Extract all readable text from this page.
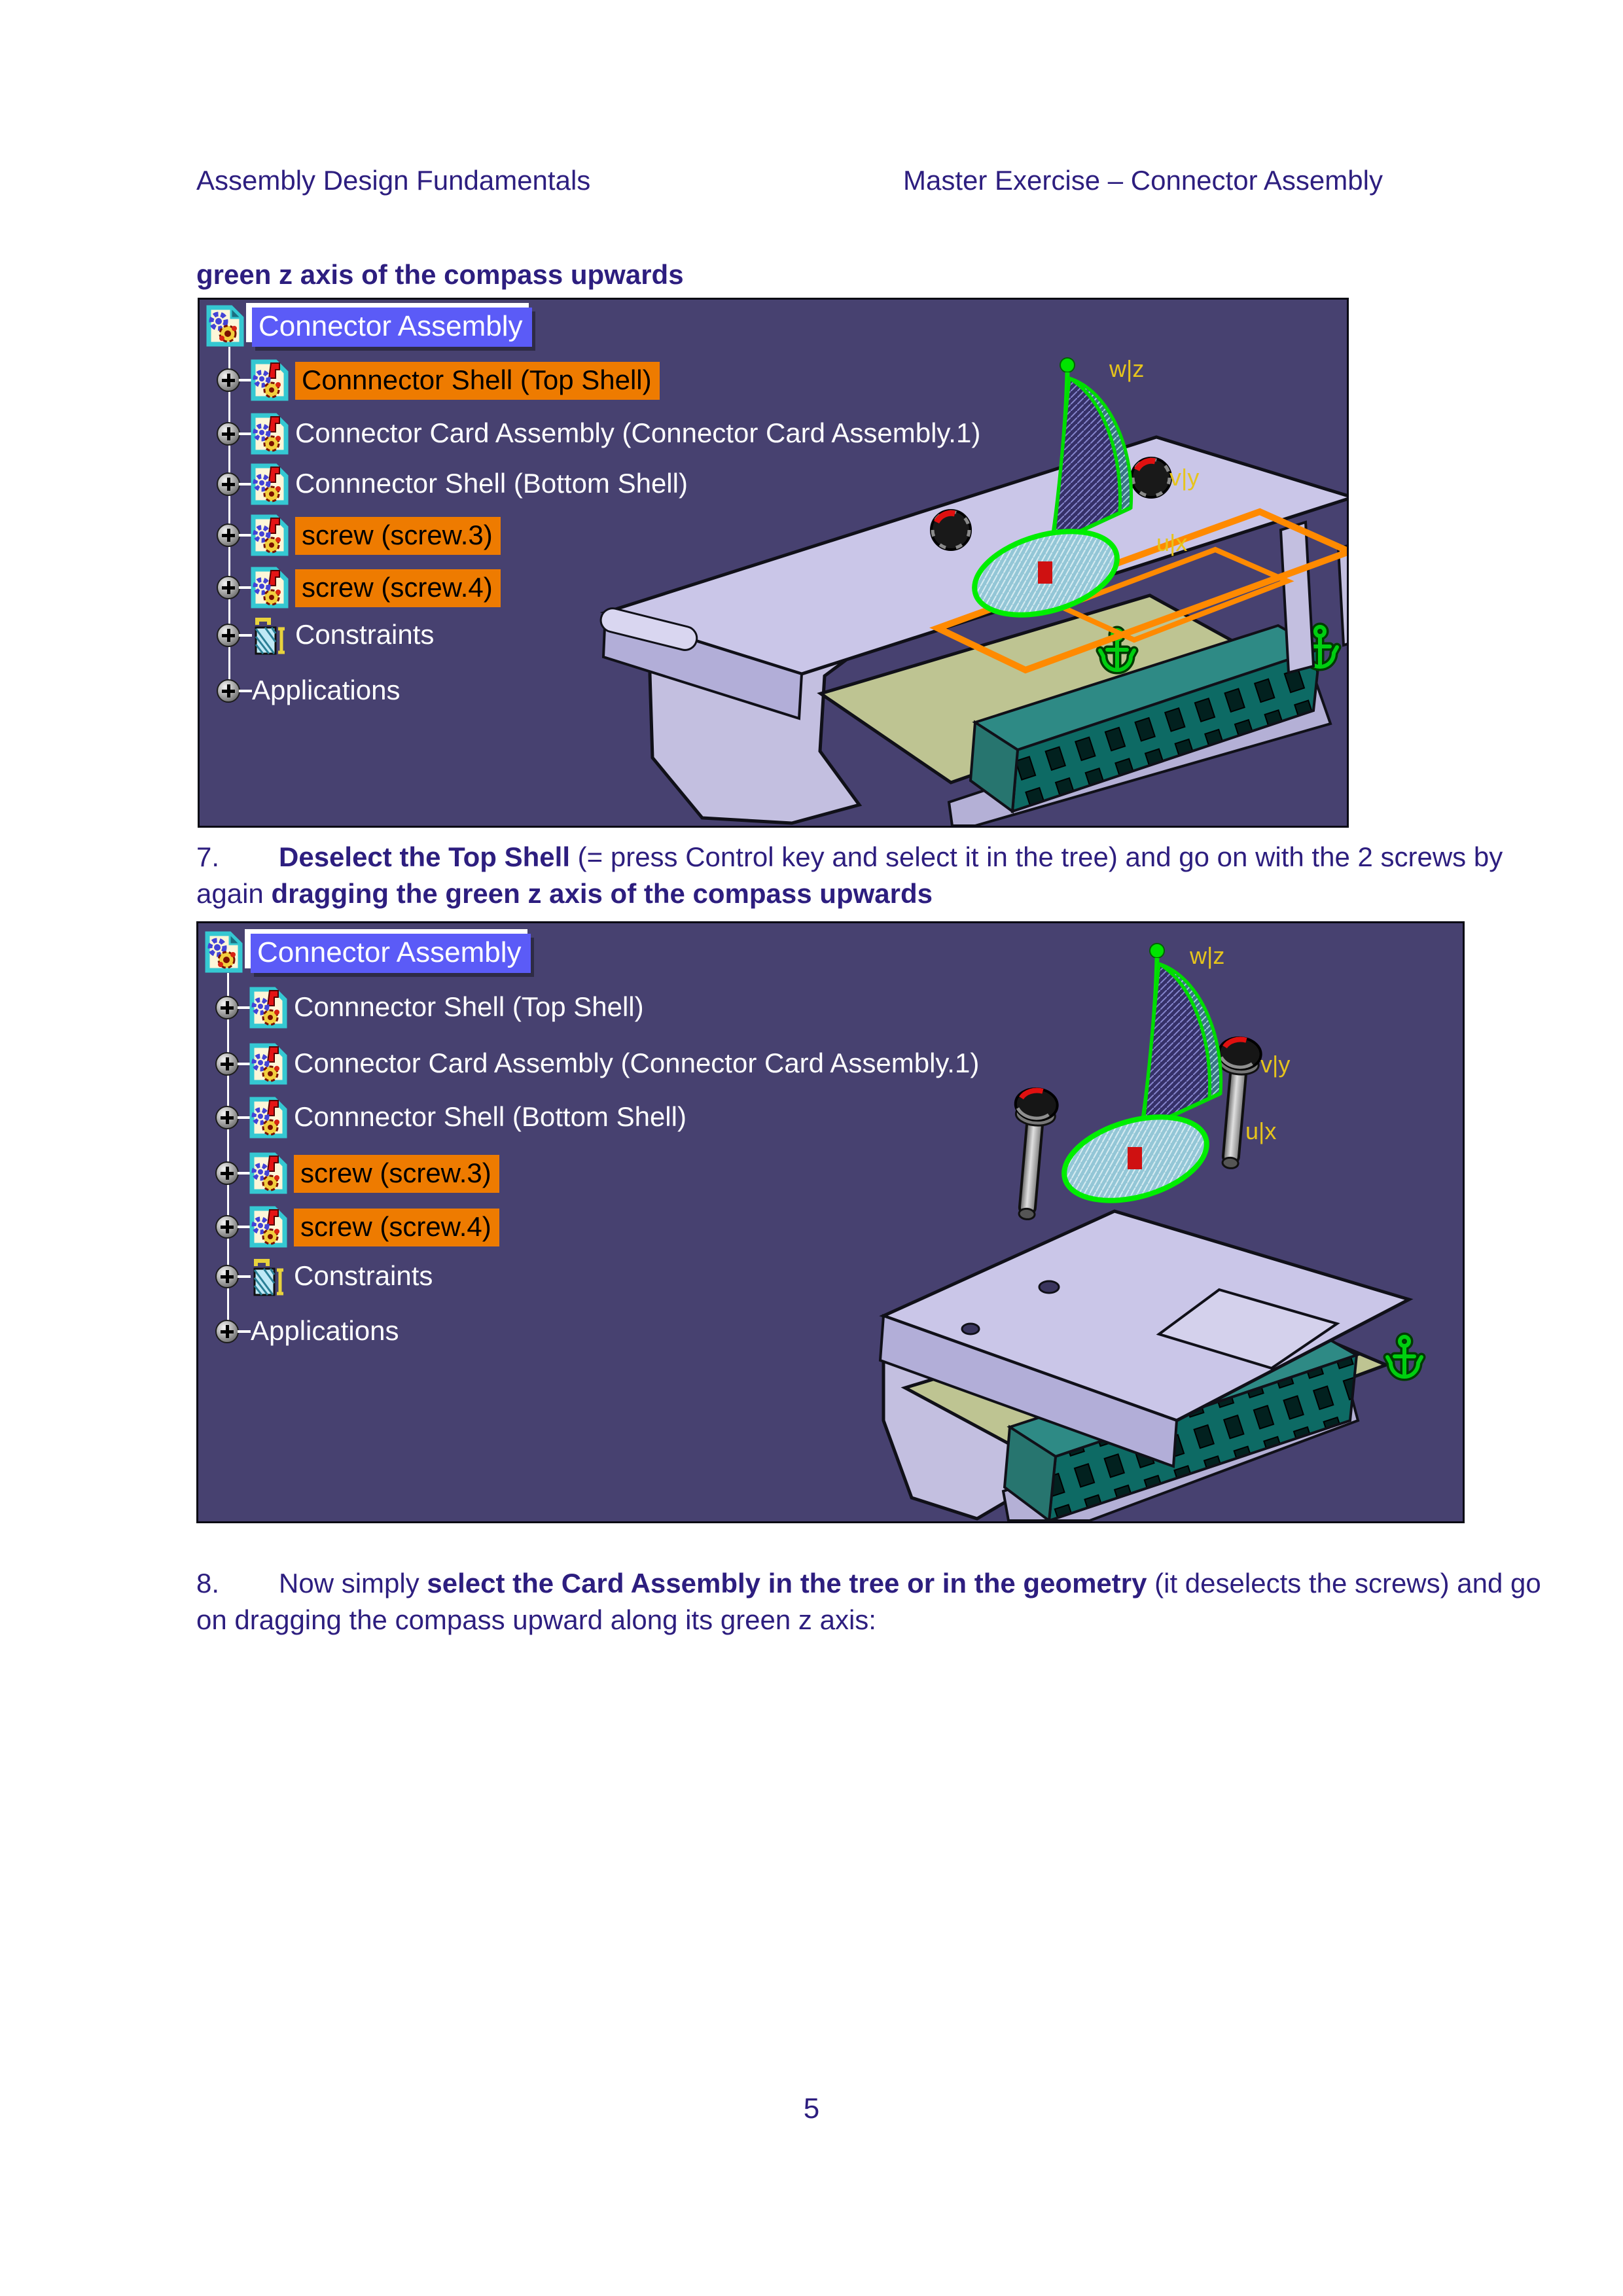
Assembly Design Fundamentals	Master Exercise – Connector Assembly
green z axis of the compass upwards
w|z
v|y
u|x
Connector Assembly
Connnector Shell (Top Shell)
Connector Card Assembly (Connector Card Assembly.1)
Connnector Shell (Bottom Shell)
screw (screw.3)
screw (screw.4)
Constraints
Applications
7. Deselect the Top Shell (= press Control key and select it in the tree) and go on with the 2 screws by again dragging the green z axis of the compass upwards
w|z
v|y
u|x
Connector Assembly
Connnector Shell (Top Shell)
Connector Card Assembly (Connector Card Assembly.1)
Connnector Shell (Bottom Shell)
screw (screw.3)
screw (screw.4)
Constraints
Applications
8. Now simply select the Card Assembly in the tree or in the geometry (it deselects the screws) and go on dragging the compass upward along its green z axis:
5
